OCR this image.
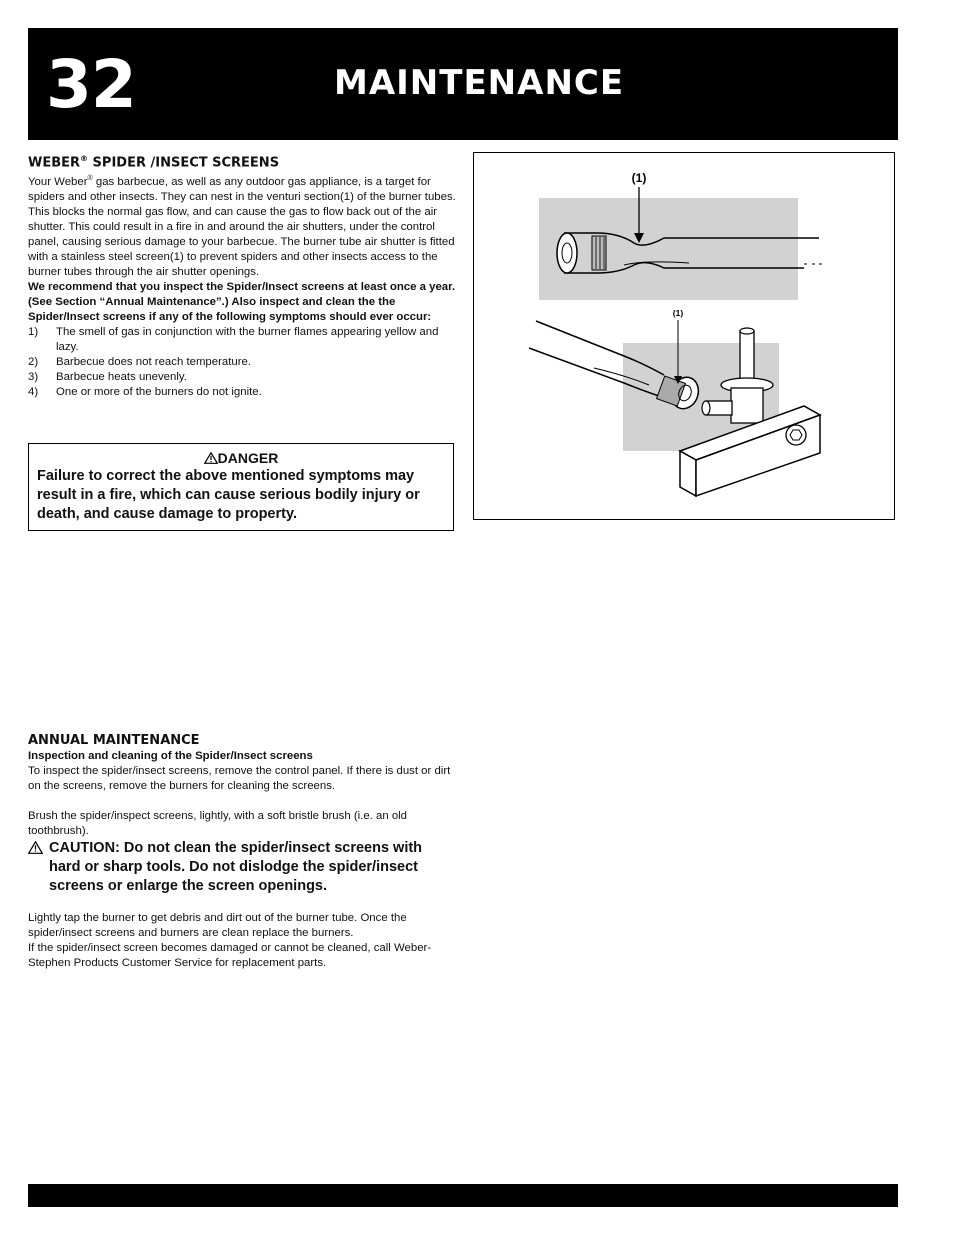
32	MAINTENANCE
WEBER® SPIDER /INSECT SCREENS

Your Weber® gas barbecue, as well as any outdoor gas appliance, is a target for spiders and other insects. They can nest in the venturi section(1) of the burner tubes. This blocks the normal gas flow, and can cause the gas to flow back out of the air shutter. This could result in a fire in and around the air shutters, under the control panel, causing serious damage to your barbecue. The burner tube air shutter is fitted with a stainless steel screen(1) to prevent spiders and other insects access to the burner tubes through the air shutter openings.

We recommend that you inspect the Spider/Insect screens at least once a year. (See Section “Annual Maintenance”.) Also inspect and clean the the Spider/Insect screens if any of the following symptoms should ever occur:

1) The smell of gas in conjunction with the burner flames appearing yellow and lazy.
2) Barbecue does not reach temperature.
3) Barbecue heats unevenly.
4) One or more of the burners do not ignite.
DANGER
Failure to correct the above mentioned symptoms may result in a fire, which can cause serious bodily injury or death, and cause damage to property.
(1)
(1)
ANNUAL MAINTENANCE

Inspection and cleaning of the Spider/Insect screens

To inspect the spider/insect screens, remove the control panel. If there is dust or dirt on the screens, remove the burners for cleaning the screens.

Brush the spider/inspect screens, lightly, with a soft bristle brush (i.e. an old toothbrush).

CAUTION: Do not clean the spider/insect screens with hard or sharp tools. Do not dislodge the spider/insect screens or enlarge the screen openings.

Lightly tap the burner to get debris and dirt out of the burner tube. Once the spider/insect screens and burners are clean replace the burners.

If the spider/insect screen becomes damaged or cannot be cleaned, call Weber-Stephen Products Customer Service for replacement parts.
